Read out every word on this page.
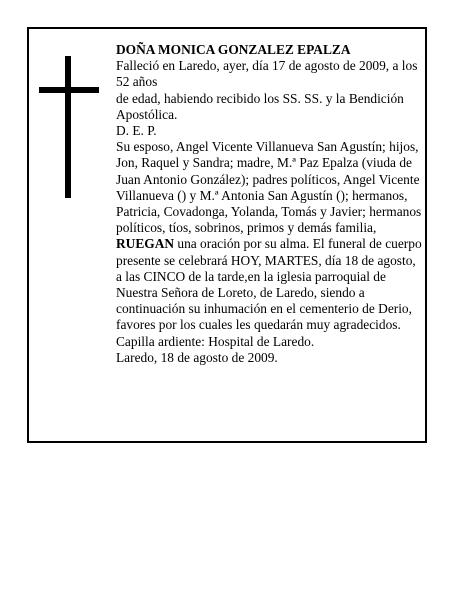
DOÑA MONICA GONZALEZ EPALZA

Falleció en Laredo, ayer, día 17 de agosto de 2009, a los 52 años

de edad, habiendo recibido los SS. SS. y la Bendición Apostólica.

D. E. P.

Su esposo, Angel Vicente Villanueva San Agustín; hijos, Jon, Raquel y Sandra; madre, M.ª Paz Epalza (viuda de Juan Antonio González); padres políticos, Angel Vicente Villanueva () y M.ª Antonia San Agustín (); hermanos, Patricia, Covadonga, Yolanda, Tomás y Javier; hermanos políticos, tíos, sobrinos, primos y demás familia,

RUEGAN una oración por su alma. El funeral de cuerpo presente se celebrará HOY, MARTES, día 18 de agosto, a las CINCO de la tarde,en la iglesia parroquial de Nuestra Señora de Loreto, de Laredo, siendo a continuación su inhumación en el cementerio de Derio, favores por los cuales les quedarán muy agradecidos.

Capilla ardiente: Hospital de Laredo.

Laredo, 18 de agosto de 2009.
